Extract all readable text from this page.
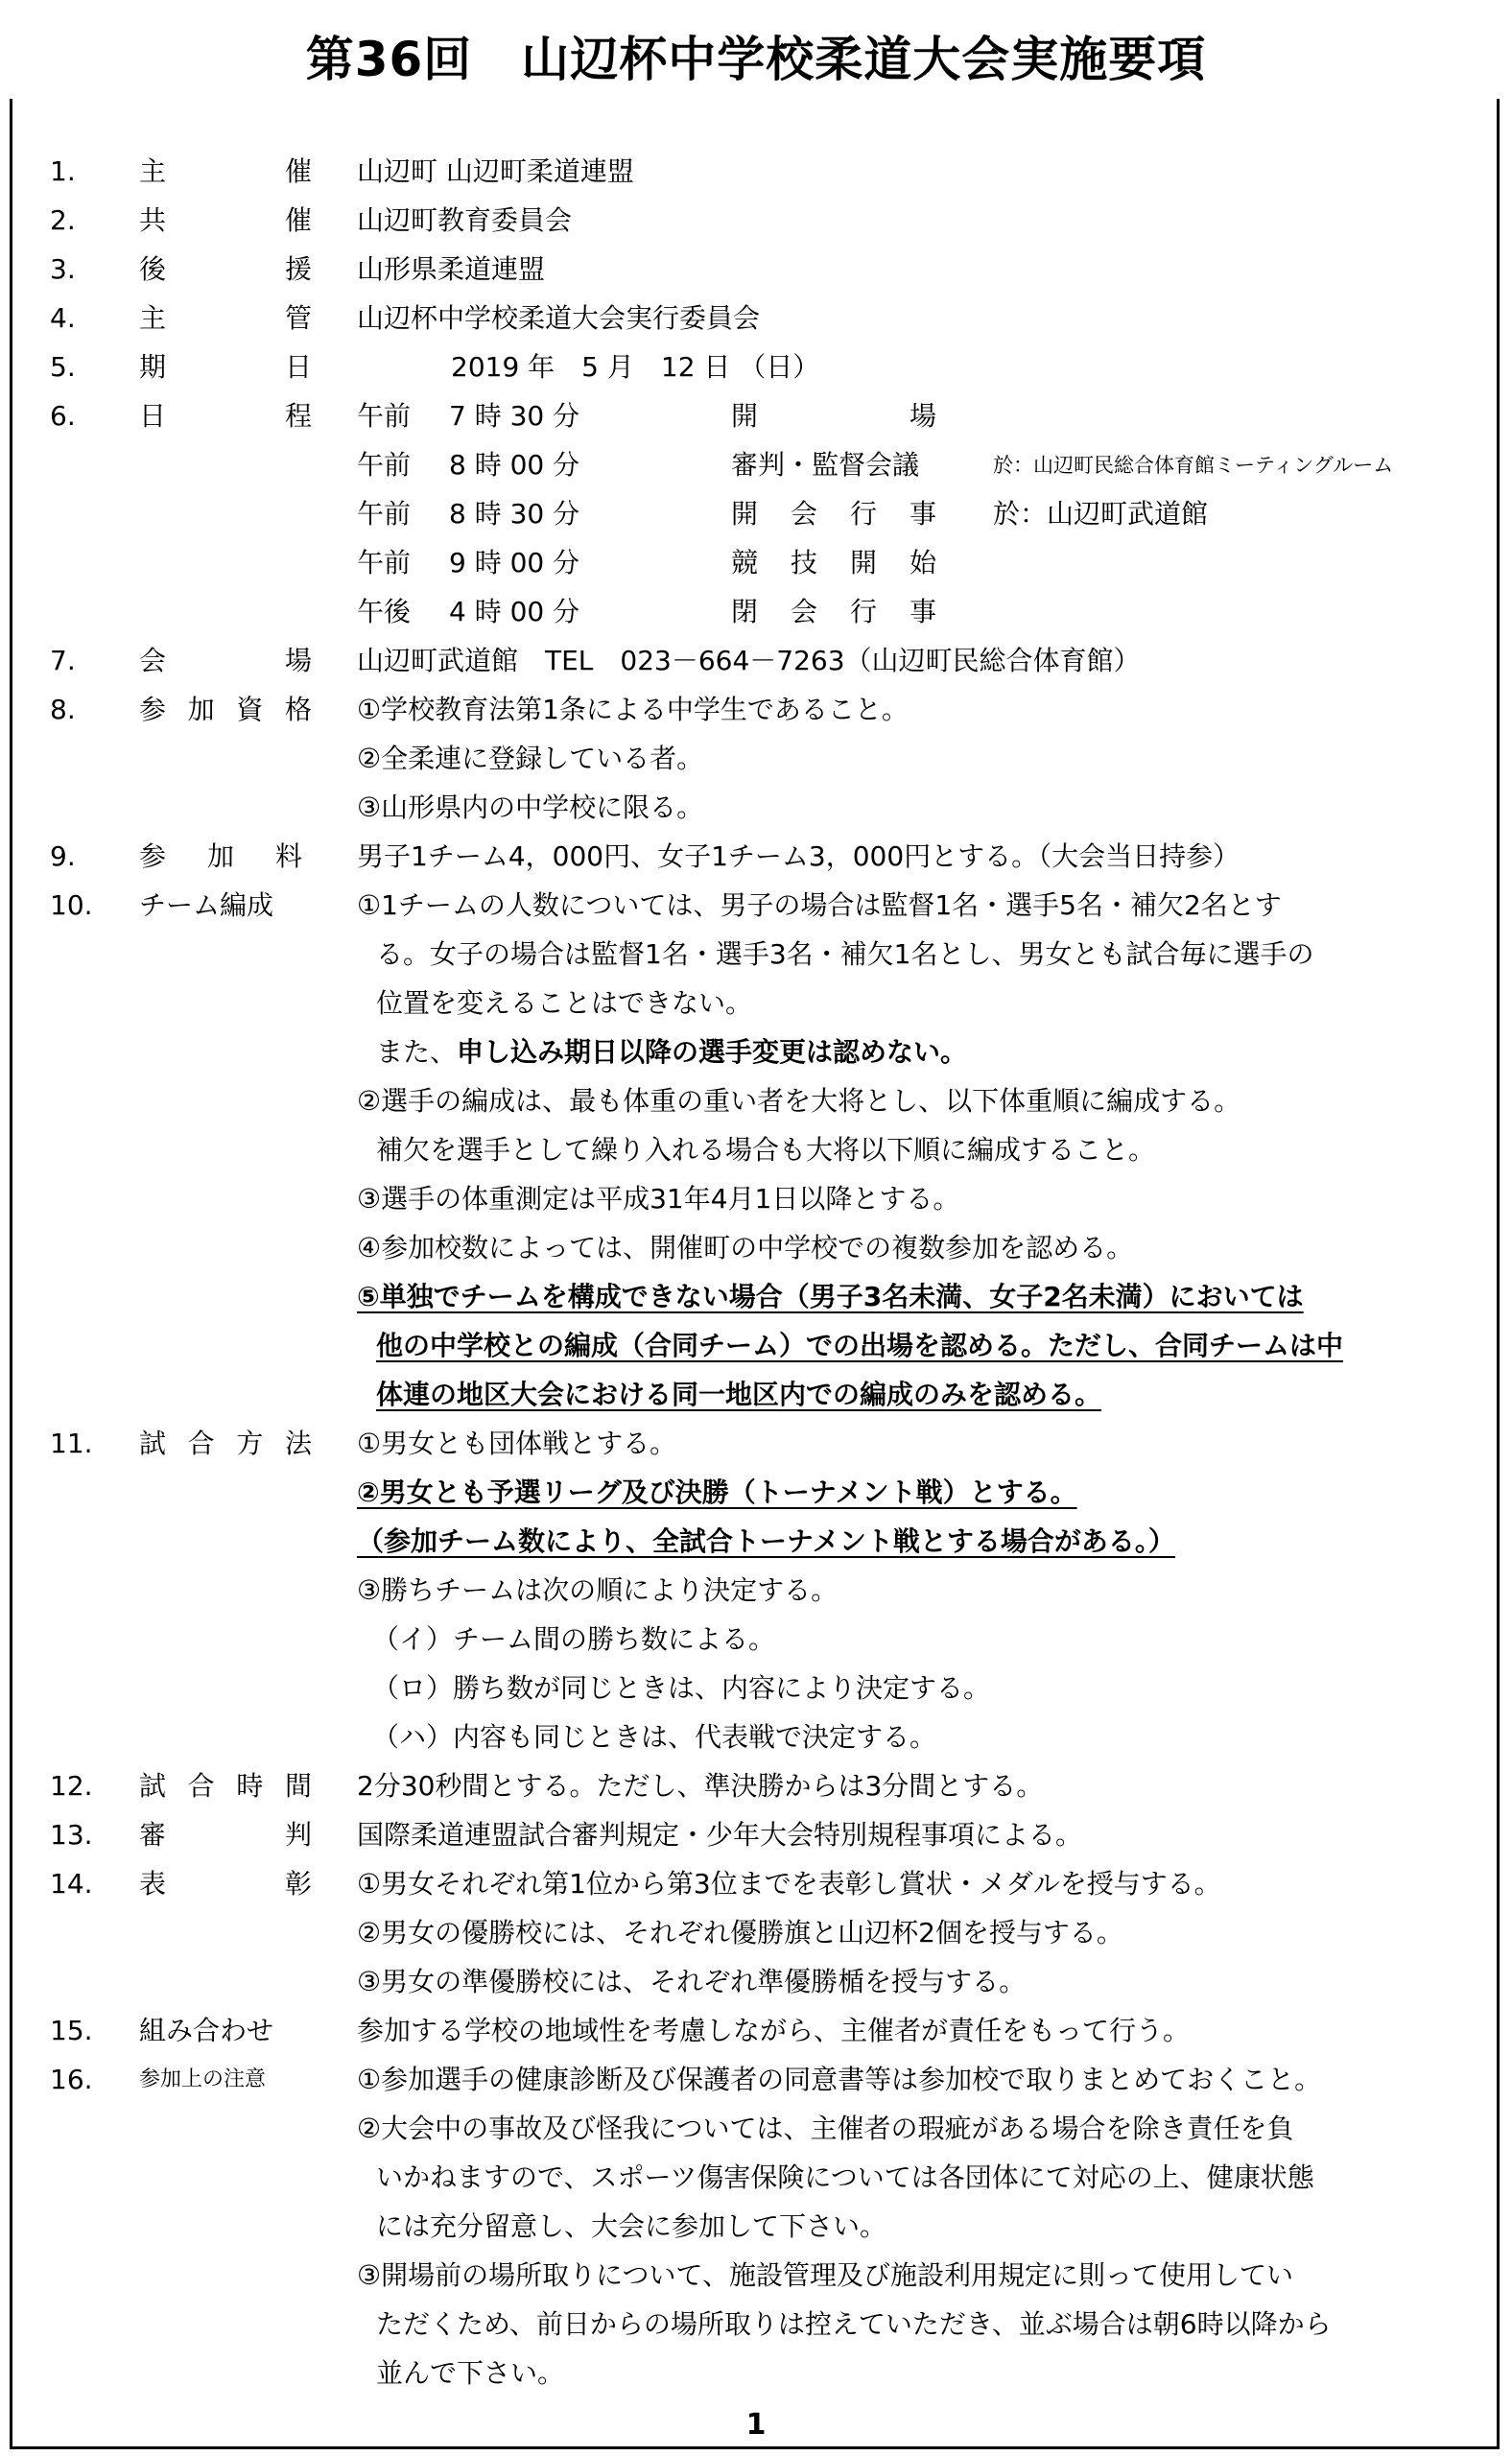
第36回　山辺杯中学校柔道大会実施要項
1.	主	催 山辺町 山辺町柔道連盟
2.	共	催 山辺町教育委員会
3.	後	援 山形県柔道連盟
4.	主	管 山辺杯中学校柔道大会実行委員会
5.	期	日	2019 年　5 月　12 日 （日）
6.	日	程 午前 7 時 30 分	開	場
午前 8 時 00 分	審判・監督会議	於：山辺町民総合体育館ミーティングルーム
午前 8 時 30 分	開 会 行 事 於：山辺町武道館
午前 9 時 00 分	競 技 開 始
午後 4 時 00 分	閉 会 行 事
7.	会	場 山辺町武道館　TEL　023－664－7263（山辺町民総合体育館）
8.	参 加 資 格 ①学校教育法第1条による中学生であること。
②全柔連に登録している者。
③山形県内の中学校に限る。
9.	参 加 料 男子1チーム4，000円、女子1チーム3，000円とする。（大会当日持参）
10.	チーム編成	①1チームの人数については、男子の場合は監督1名・選手5名・補欠2名とす
る。女子の場合は監督1名・選手3名・補欠1名とし、男女とも試合毎に選手の
位置を変えることはできない。
また、申し込み期日以降の選手変更は認めない。
②選手の編成は、最も体重の重い者を大将とし、以下体重順に編成する。
補欠を選手として繰り入れる場合も大将以下順に編成すること。
③選手の体重測定は平成31年4月1日以降とする。
④参加校数によっては、開催町の中学校での複数参加を認める。
⑤単独でチームを構成できない場合（男子3名未満、女子2名未満）においては
他の中学校との編成（合同チーム）での出場を認める。ただし、合同チームは中
体連の地区大会における同一地区内での編成のみを認める。
11.	試 合 方 法 ①男女とも団体戦とする。
②男女とも予選リーグ及び決勝（トーナメント戦）とする。
（参加チーム数により、全試合トーナメント戦とする場合がある。）
③勝ちチームは次の順により決定する。
（イ）チーム間の勝ち数による。
（ロ）勝ち数が同じときは、内容により決定する。
（ハ）内容も同じときは、代表戦で決定する。
12.	試 合 時 間 2分30秒間とする。ただし、準決勝からは3分間とする。
13.	審	判 国際柔道連盟試合審判規定・少年大会特別規程事項による。
14.	表	彰 ①男女それぞれ第1位から第3位までを表彰し賞状・メダルを授与する。
②男女の優勝校には、それぞれ優勝旗と山辺杯2個を授与する。
③男女の準優勝校には、それぞれ準優勝楯を授与する。
15.	組み合わせ	参加する学校の地域性を考慮しながら、主催者が責任をもって行う。
16.	参加上の注意	①参加選手の健康診断及び保護者の同意書等は参加校で取りまとめておくこと。
②大会中の事故及び怪我については、主催者の瑕疵がある場合を除き責任を負
いかねますので、スポーツ傷害保険については各団体にて対応の上、健康状態
には充分留意し、大会に参加して下さい。
③開場前の場所取りについて、施設管理及び施設利用規定に則って使用してい
ただくため、前日からの場所取りは控えていただき、並ぶ場合は朝6時以降から
並んで下さい。
1
